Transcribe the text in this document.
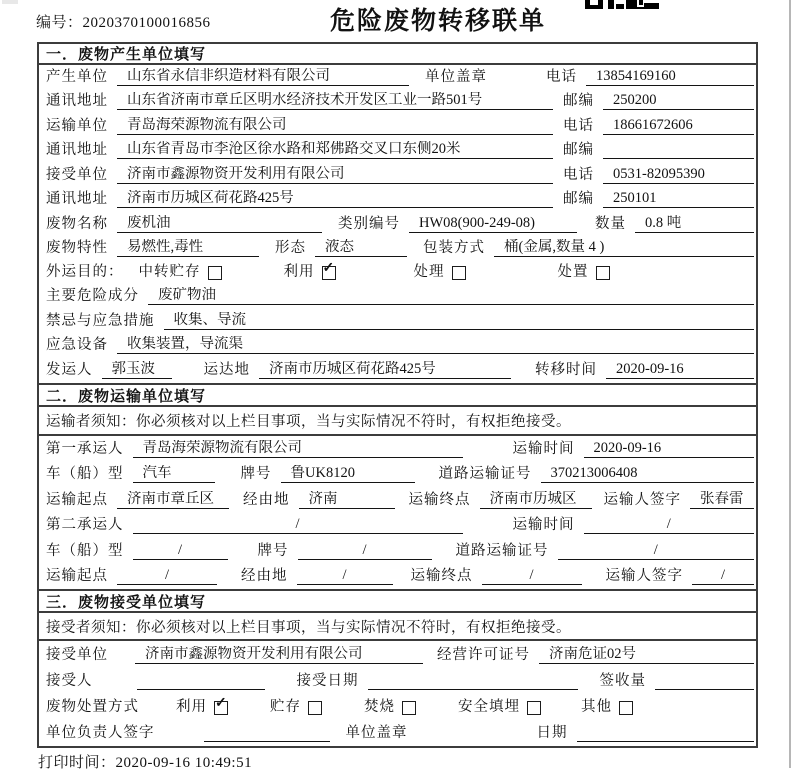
编号：2020370100016856	危险废物转移联单
一．废物产生单位填写
产生单位	山东省永信非织造材料有限公司	单位盖章	电话	13854169160
通讯地址	山东省济南市章丘区明水经济技术开发区工业一路501号	邮编	250200
运输单位	青岛海荣源物流有限公司	电话	18661672606
通讯地址	山东省青岛市李沧区徐水路和郑佛路交叉口东侧20米	邮编
接受单位	济南市鑫源物资开发利用有限公司	电话	0531-82095390
通讯地址	济南市历城区荷花路425号	邮编	250101
废物名称	废机油	类别编号	HW08(900-249-08)	数量	0.8 吨
废物特性	易燃性,毒性	形态	液态	包装方式	桶(金属,数量 4 )
外运目的： 中转贮存	利用 ✓	处理	处置
主要危险成分	废矿物油
禁忌与应急措施	收集、导流
应急设备	收集装置，导流渠
发运人	郭玉波	运达地	济南市历城区荷花路425号	转移时间	2020-09-16
二．废物运输单位填写
运输者须知：你必须核对以上栏目事项，当与实际情况不符时，有权拒绝接受。
第一承运人	青岛海荣源物流有限公司	运输时间	2020-09-16
车（船）型	汽车	牌号	鲁UK8120	道路运输证号	370213006408
运输起点	济南市章丘区	经由地	济南	运输终点	济南市历城区	运输人签字	张春雷
第二承运人	/	运输时间	/
车（船）型	/	牌号	/	道路运输证号	/
运输起点	/	经由地	/	运输终点	/	运输人签字	/
三．废物接受单位填写
接受者须知：你必须核对以上栏目事项，当与实际情况不符时，有权拒绝接受。
接受单位	济南市鑫源物资开发利用有限公司	经营许可证号	济南危证02号
接受人	接受日期	签收量
废物处置方式	利用 ✓	贮存	焚烧	安全填埋	其他
单位负责人签字	单位盖章	日期
打印时间：2020-09-16 10:49:51
